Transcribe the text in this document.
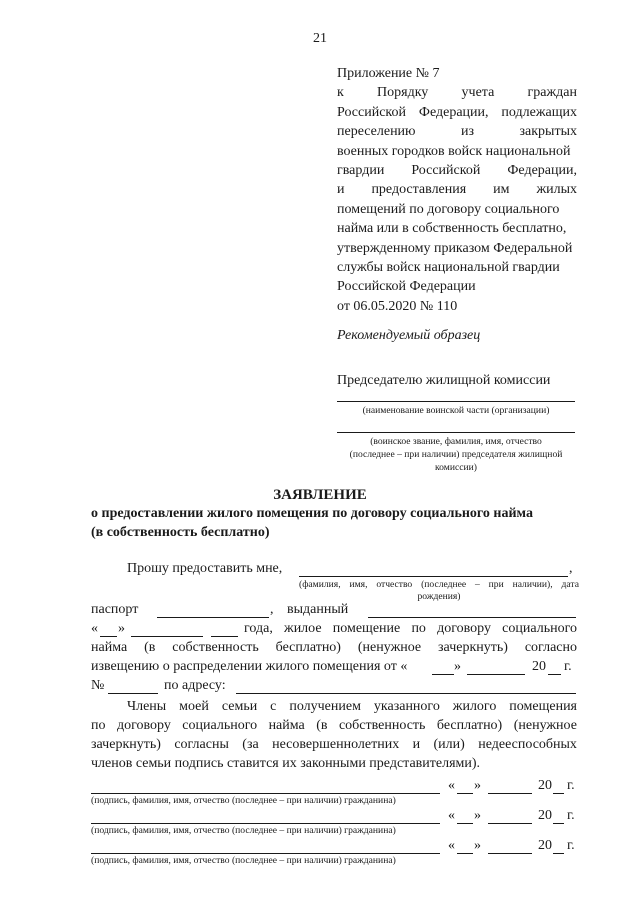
21
Приложение № 7
к Порядку учета граждан
Российской Федерации, подлежащих
переселению	из	закрытых
военных городков войск национальной
гвардии Российской Федерации,
и предоставления им жилых
помещений по договору социального
найма или в собственность бесплатно,
утвержденному приказом Федеральной
службы войск национальной гвардии
Российской Федерации
от 06.05.2020 № 110
Рекомендуемый образец
Председателю жилищной комиссии
(наименование воинской части (организации)
(воинское звание, фамилия, имя, отчество
(последнее – при наличии) председателя жилищной
комиссии)
ЗАЯВЛЕНИЕ
о предоставлении жилого помещения по договору социального найма
(в собственность бесплатно)
Прошу предоставить мне,	,
(фамилия, имя, отчество (последнее – при наличии), дата
рождения)
паспорт	, выданный
« »	года, жилое помещение по договору социального
найма (в собственность бесплатно) (ненужное зачеркнуть) согласно
извещению о распределении жилого помещения от «	»	20 г.
№	по адресу:
Члены моей семьи с получением указанного жилого помещения
по договору социального найма (в собственность бесплатно) (ненужное
зачеркнуть) согласны (за несовершеннолетних и (или) недееспособных
членов семьи подпись ставится их законными представителями).
« »	20 г.
(подпись, фамилия, имя, отчество (последнее – при наличии) гражданина)
« »	20 г.
(подпись, фамилия, имя, отчество (последнее – при наличии) гражданина)
« »	20 г.
(подпись, фамилия, имя, отчество (последнее – при наличии) гражданина)
